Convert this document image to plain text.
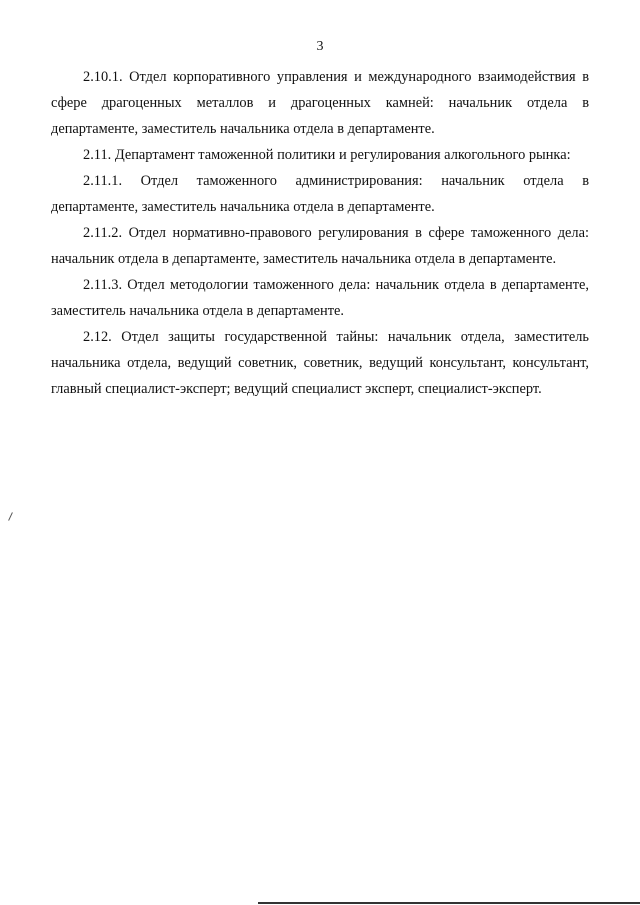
3

2.10.1. Отдел корпоративного управления и международного взаимодействия в сфере драгоценных металлов и драгоценных камней: начальник отдела в департаменте, заместитель начальника отдела в департаменте.

2.11. Департамент таможенной политики и регулирования алкогольного рынка:

2.11.1. Отдел таможенного администрирования: начальник отдела в департаменте, заместитель начальника отдела в департаменте.

2.11.2. Отдел нормативно-правового регулирования в сфере таможенного дела: начальник отдела в департаменте, заместитель начальника отдела в департаменте.

2.11.3. Отдел методологии таможенного дела: начальник отдела в департаменте, заместитель начальника отдела в департаменте.

2.12. Отдел защиты государственной тайны: начальник отдела, заместитель начальника отдела, ведущий советник, советник, ведущий консультант, консультант, главный специалист-эксперт; ведущий специалист эксперт, специалист-эксперт.
